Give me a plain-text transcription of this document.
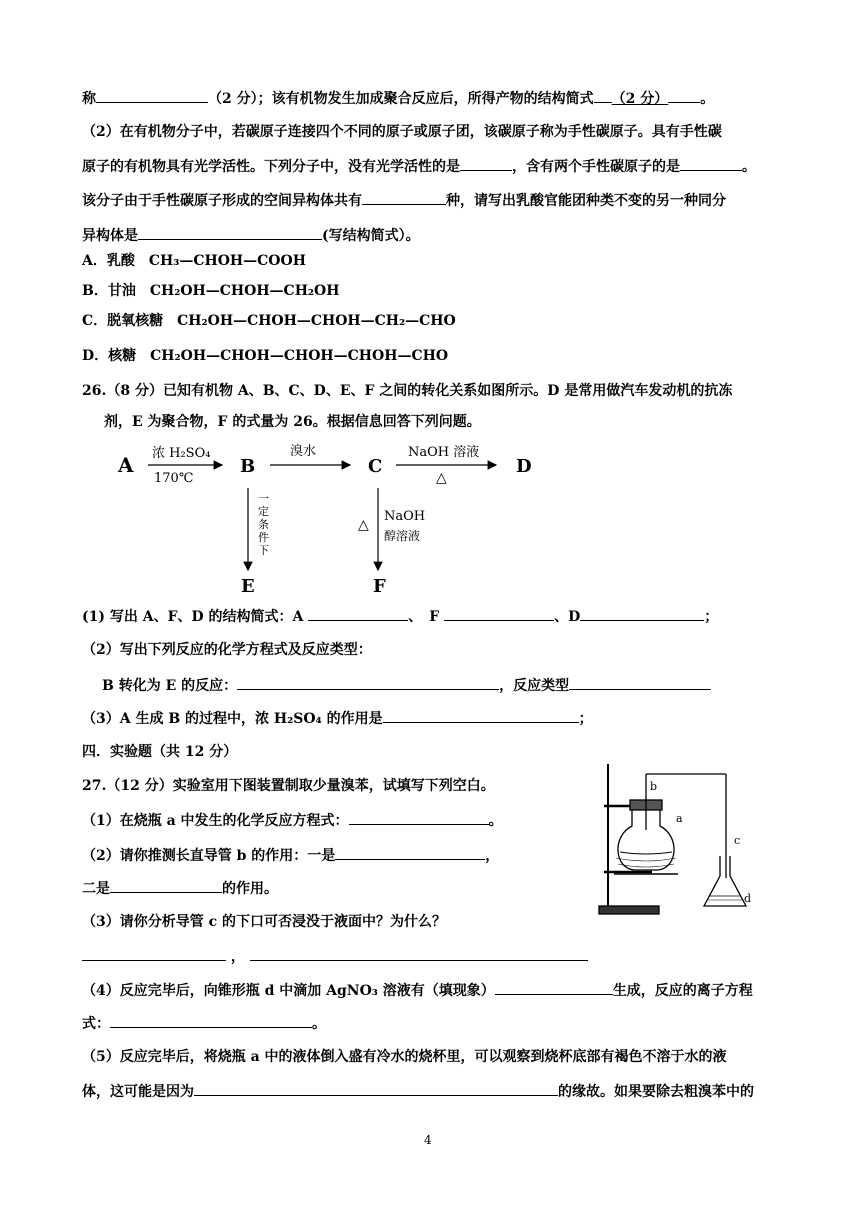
称	（2 分）；该有机物发生加成聚合反应后，所得产物的结构简式 （2 分） 。
（2）在有机物分子中，若碳原子连接四个不同的原子或原子团，该碳原子称为手性碳原子。具有手性碳
原子的有机物具有光学活性。下列分子中，没有光学活性的是	，含有两个手性碳原子的是	。
该分子由于手性碳原子形成的空间异构体共有	种，请写出乳酸官能团种类不变的另一种同分
异构体是	(写结构简式）。
A．乳酸　CH₃—CHOH—COOH
B．甘油　CH₂OH—CHOH—CH₂OH
C．脱氧核糖　CH₂OH—CHOH—CHOH—CH₂—CHO
D．核糖　CH₂OH—CHOH—CHOH—CHOH—CHO
26.（8 分）已知有机物 A、B、C、D、E、F 之间的转化关系如图所示。D 是常用做汽车发动机的抗冻
剂，E 为聚合物，F 的式量为 26。根据信息回答下列问题。
A 浓 H₂SO₄
170℃
B
溴水
C
NaOH 溶液
△
D
一定条件下
△
NaOH
醇溶液
E	F
(1) 写出 A、F、D 的结构简式：A	、　F	、D	；
（2）写出下列反应的化学方程式及反应类型：
B 转化为 E 的反应：	，反应类型
（3）A 生成 B 的过程中，浓 H₂SO₄ 的作用是	；
四．实验题（共 12 分）
27.（12 分）实验室用下图装置制取少量溴苯，试填写下列空白。
（1）在烧瓶 a 中发生的化学反应方程式：	。
（2）请你推测长直导管 b 的作用：一是	，
二是	的作用。
（3）请你分析导管 c 的下口可否浸没于液面中？为什么？
，
（4）反应完毕后，向锥形瓶 d 中滴加 AgNO₃ 溶液有（填现象）	生成，反应的离子方程
式：	。
（5）反应完毕后，将烧瓶 a 中的液体倒入盛有冷水的烧杯里，可以观察到烧杯底部有褐色不溶于水的液
体，这可能是因为	的缘故。如果要除去粗溴苯中的
b
a
c
d
4
